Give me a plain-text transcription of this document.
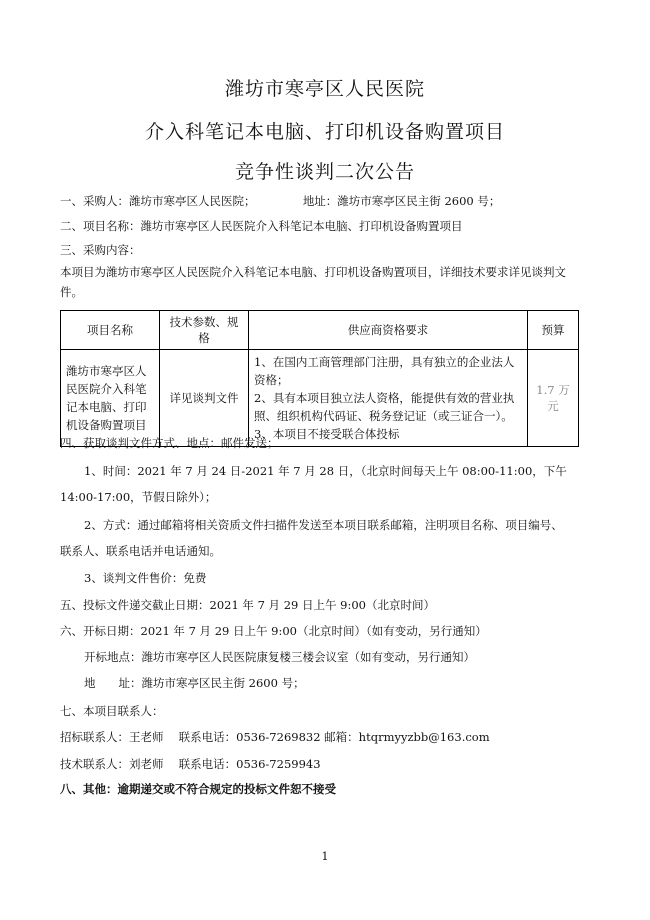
潍坊市寒亭区人民医院
介入科笔记本电脑、打印机设备购置项目
竞争性谈判二次公告
一、采购人：潍坊市寒亭区人民医院；	地址：潍坊市寒亭区民主街 2600 号；
二、项目名称：潍坊市寒亭区人民医院介入科笔记本电脑、打印机设备购置项目
三、采购内容：
本项目为潍坊市寒亭区人民医院介入科笔记本电脑、打印机设备购置项目，详细技术要求详见谈判文件。
项目名称	技术参数、规格	供应商资格要求	预算
潍坊市寒亭区人民医院介入科笔记本电脑、打印机设备购置项目	详见谈判文件	1、在国内工商管理部门注册，具有独立的企业法人资格；
2、具有本项目独立法人资格，能提供有效的营业执照、组织机构代码证、税务登记证（或三证合一）。
3、本项目不接受联合体投标	1.7 万元
四、获取谈判文件方式、地点：邮件发送；
1、时间：2021 年 7 月 24 日-2021 年 7 月 28 日，（北京时间每天上午 08:00-11:00，下午
14:00-17:00，节假日除外）；
2、方式：通过邮箱将相关资质文件扫描件发送至本项目联系邮箱，注明项目名称、项目编号、
联系人、联系电话并电话通知。
3、谈判文件售价：免费
五、投标文件递交截止日期：2021 年 7 月 29 日上午 9:00（北京时间）
六、开标日期：2021 年 7 月 29 日上午 9:00（北京时间）（如有变动，另行通知）
开标地点：潍坊市寒亭区人民医院康复楼三楼会议室（如有变动，另行通知）
地　　址：潍坊市寒亭区民主街 2600 号；
七、本项目联系人：
招标联系人：王老师　 联系电话：0536-7269832 邮箱：htqrmyyzbb@163.com
技术联系人：刘老师　 联系电话：0536-7259943
八、其他：逾期递交或不符合规定的投标文件恕不接受
1
